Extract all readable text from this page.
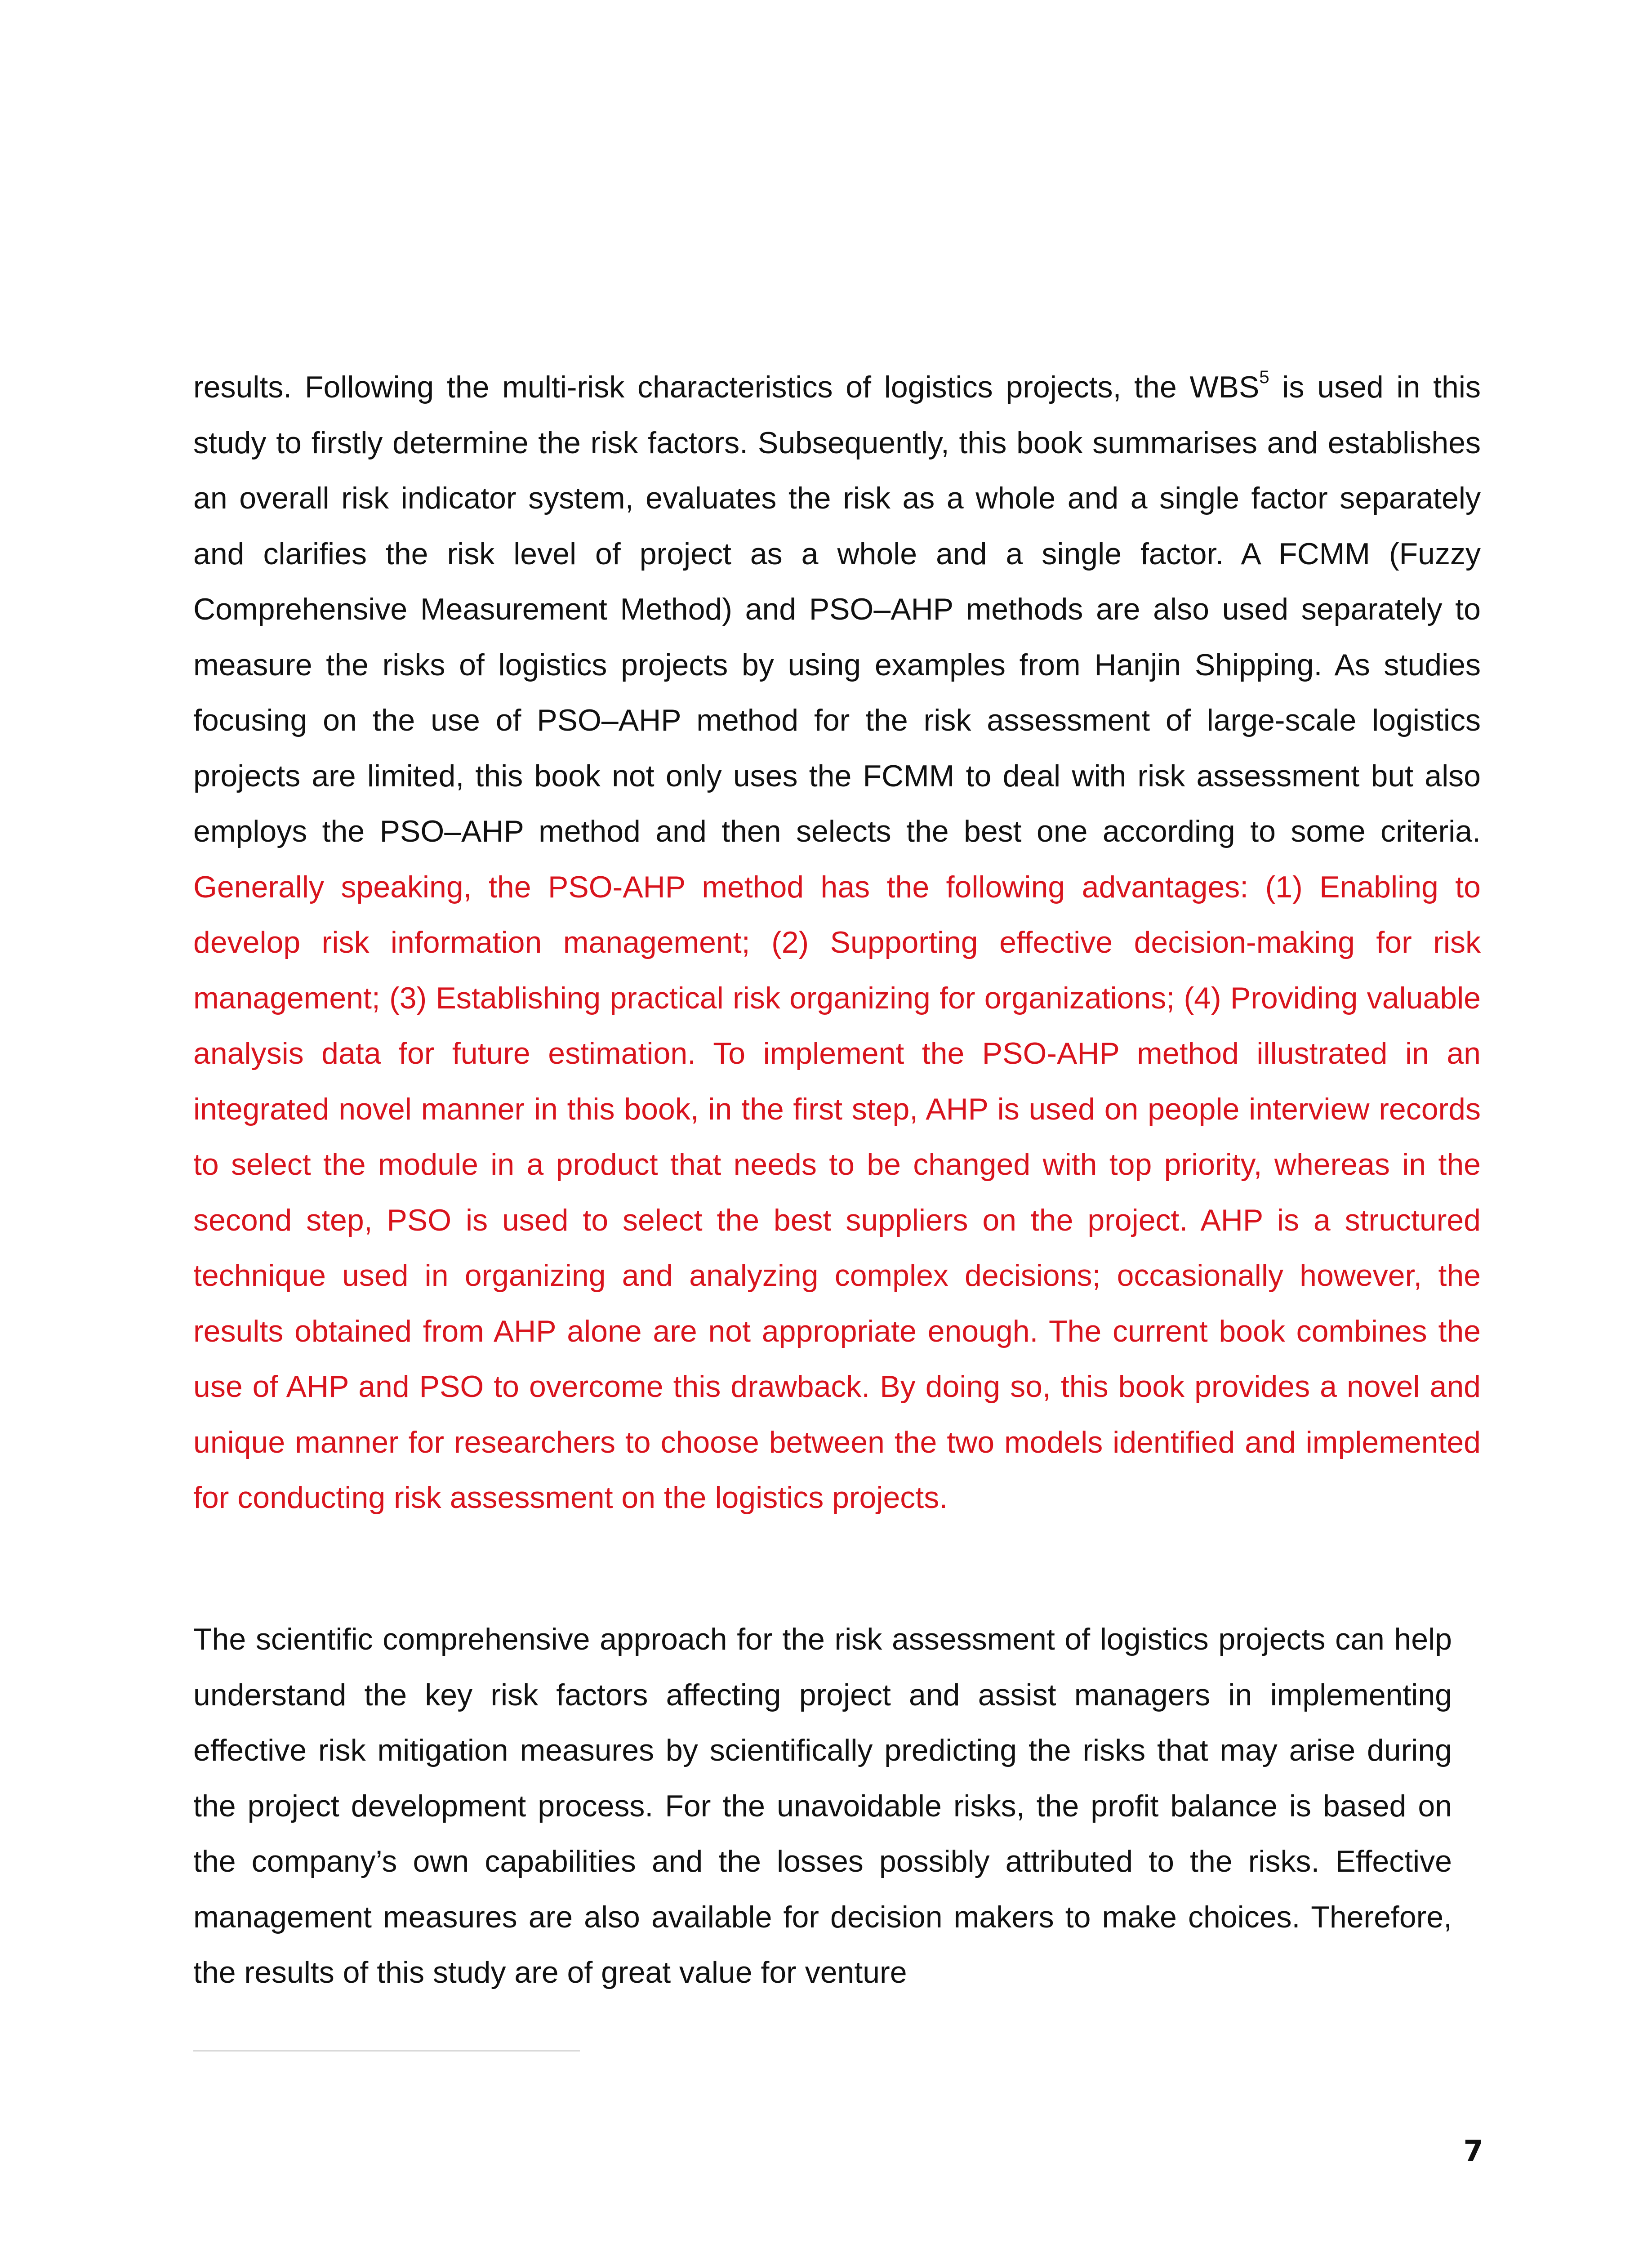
results. Following the multi-risk characteristics of logistics projects, the WBS$^5$ is used in this study to firstly determine the risk factors. Subsequently, this book summarises and establishes an overall risk indicator system, evaluates the risk as a whole and a single factor separately and clarifies the risk level of project as a whole and a single factor. A FCMM (Fuzzy Comprehensive Measurement Method) and PSO–AHP methods are also used separately to measure the risks of logistics projects by using examples from Hanjin Shipping. As studies focusing on the use of PSO–AHP method for the risk assessment of large-scale logistics projects are limited, this book not only uses the FCMM to deal with risk assessment but also employs the PSO–AHP method and then selects the best one according to some criteria. Generally speaking, the PSO-AHP method has the following advantages: (1) Enabling to develop risk information management; (2) Supporting effective decision-making for risk management; (3) Establishing practical risk organizing for organizations; (4) Providing valuable analysis data for future estimation. To implement the PSO-AHP method illustrated in an integrated novel manner in this book, in the first step, AHP is used on people interview records to select the module in a product that needs to be changed with top priority, whereas in the second step, PSO is used to select the best suppliers on the project. AHP is a structured technique used in organizing and analyzing complex decisions; occasionally however, the results obtained from AHP alone are not appropriate enough. The current book combines the use of AHP and PSO to overcome this drawback. By doing so, this book provides a novel and unique manner for researchers to choose between the two models identified and implemented for conducting risk assessment on the logistics projects.

The scientific comprehensive approach for the risk assessment of logistics projects can help understand the key risk factors affecting project and assist managers in implementing effective risk mitigation measures by scientifically predicting the risks that may arise during the project development process. For the unavoidable risks, the profit balance is based on the company’s own capabilities and the losses possibly attributed to the risks. Effective management measures are also available for decision makers to make choices. Therefore, the results of this study are of great value for venture

7
